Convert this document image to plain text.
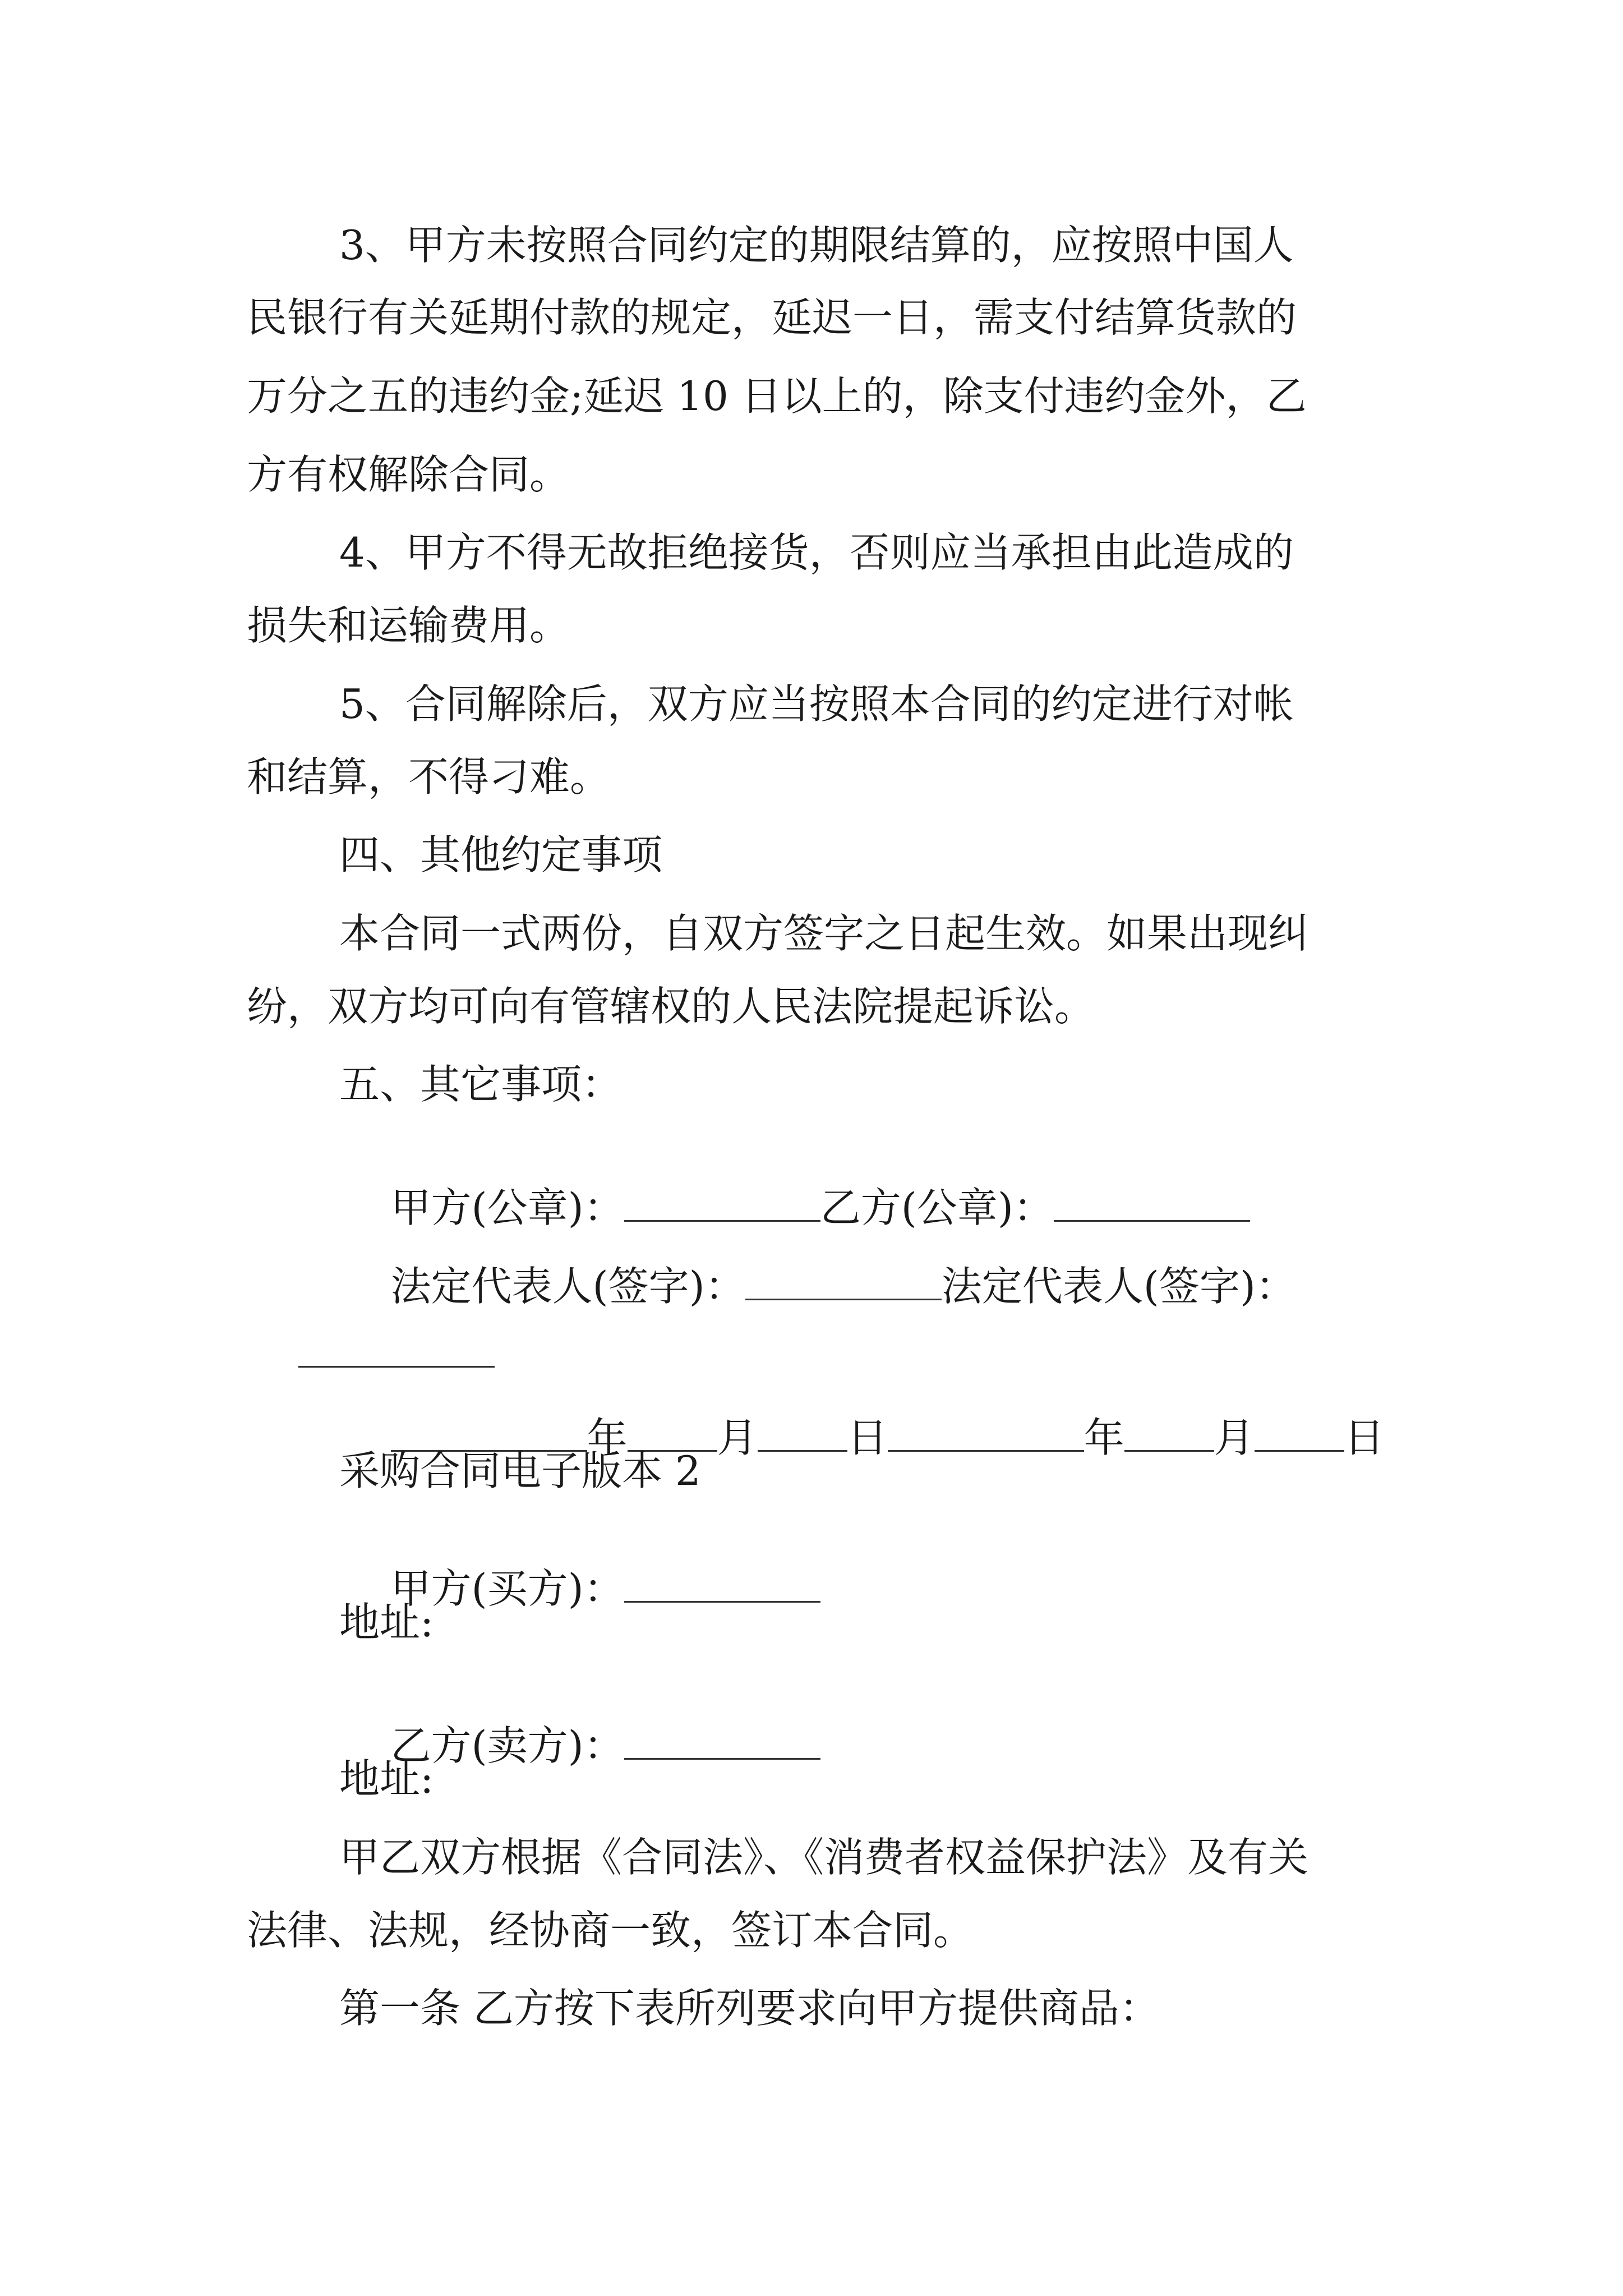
3、甲方未按照合同约定的期限结算的，应按照中国人
民银行有关延期付款的规定，延迟一日，需支付结算货款的
万分之五的违约金;延迟 10 日以上的，除支付违约金外，乙
方有权解除合同。
4、甲方不得无故拒绝接货，否则应当承担由此造成的
损失和运输费用。
5、合同解除后，双方应当按照本合同的约定进行对帐
和结算，不得刁难。
四、其他约定事项
本合同一式两份，自双方签字之日起生效。如果出现纠
纷，双方均可向有管辖权的人民法院提起诉讼。
五、其它事项：

甲方(公章)：	乙方(公章)：

法定代表人(签字)：	法定代表人(签字)：

年 月 日	年 月 日

采购合同电子版本 2

甲方(买方)：

地址:

乙方(卖方)：

地址:
甲乙双方根据《合同法》、《消费者权益保护法》及有关
法律、法规，经协商一致，签订本合同。
第一条 乙方按下表所列要求向甲方提供商品：
